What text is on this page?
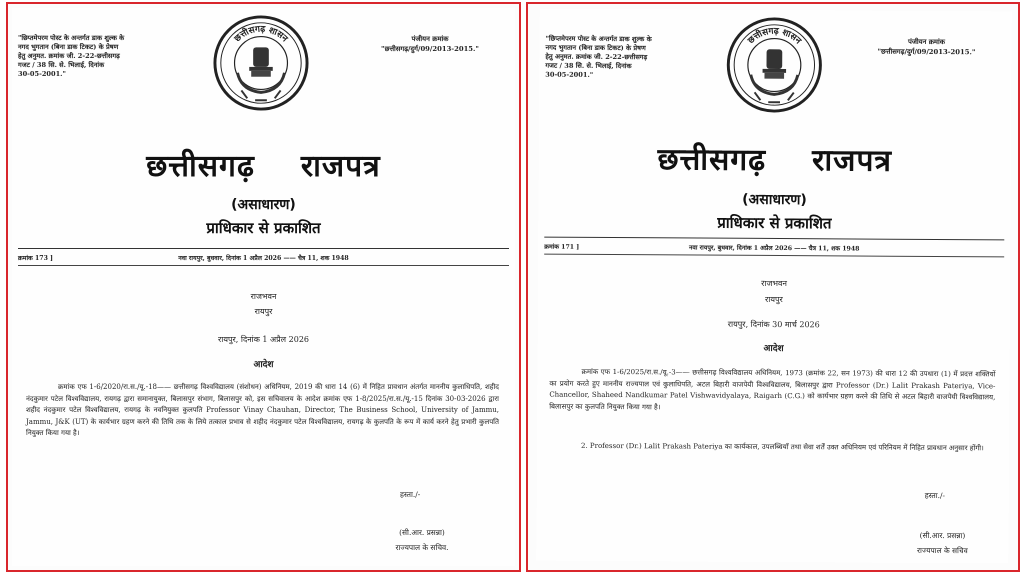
"छिप्तमेपरम पोस्ट के अन्तर्गत डाक शुल्क के
नगद भुगतान (बिना डाक टिकट) के प्रेषण
हेतु अनुमत. क्रमांक जी. 2-22-छत्तीसगढ़
गजट / 38 सि. से. भिलाई, दिनांक
30-05-2001."
पंजीयन क्रमांक
"छत्तीसगढ़/दुर्ग/09/2013-2015."
छत्तीसगढ़ शासन
छत्तीसगढ़ राजपत्र
(असाधारण)
प्राधिकार से प्रकाशित
क्रमांक 173 ]	नवा रायपुर, बुधवार, दिनांक 1 अप्रैल 2026 —— चैत्र 11, शक 1948
राजभवन
रायपुर
रायपुर, दिनांक 1 अप्रैल 2026
आदेश
क्रमांक एफ 1-6/2020/रा.स./यू.-18—— छत्तीसगढ़ विश्वविद्यालय (संशोधन) अधिनियम, 2019 की धारा 14 (6) में निहित प्रावधान अंतर्गत माननीय कुलाधिपति, शहीद नंदकुमार पटेल विश्वविद्यालय, रायगढ़ द्वारा समानायुक्त, बिलासपुर संभाग, बिलासपुर को, इस सचिवालय के आदेश क्रमांक एफ 1-8/2025/रा.स./यू.-15 दिनांक 30-03-2026 द्वारा शहीद नंदकुमार पटेल विश्वविद्यालय, रायगढ़ के नवनियुक्त कुलपति Professor Vinay Chauhan, Director, The Business School, University of Jammu, Jammu, J&K (UT) के कार्यभार ग्रहण करने की तिथि तक के लिये तत्काल प्रभाव से शहीद नंदकुमार पटेल विश्वविद्यालय, रायगढ़ के कुलपति के रूप में कार्य करने हेतु प्रभारी कुलपति नियुक्त किया गया है।
हस्ता./-
(सी.आर. प्रसन्ना)
राज्यपाल के सचिव.
"छिप्तमेपरम पोस्ट के अन्तर्गत डाक शुल्क के
नगद भुगतान (बिना डाक टिकट) के प्रेषण
हेतु अनुमत. क्रमांक जी. 2-22-छत्तीसगढ़
गजट / 38 सि. से. भिलाई, दिनांक
30-05-2001."
पंजीयन क्रमांक
"छत्तीसगढ़/दुर्ग/09/2013-2015."
छत्तीसगढ़ शासन
छत्तीसगढ़ राजपत्र
(असाधारण)
प्राधिकार से प्रकाशित
क्रमांक 171 ]	नवा रायपुर, बुधवार, दिनांक 1 अप्रैल 2026 —— चैत्र 11, शक 1948
राजभवन
रायपुर
रायपुर, दिनांक 30 मार्च 2026
आदेश
क्रमांक एफ 1-6/2025/रा.स./यू.-3—— छत्तीसगढ़ विश्वविद्यालय अधिनियम, 1973 (क्रमांक 22, सन 1973) की धारा 12 की उपधारा (1) में प्रदत्त शक्तियों का प्रयोग करते हुए माननीय राज्यपाल एवं कुलाधिपति, अटल बिहारी वाजपेयी विश्वविद्यालय, बिलासपुर द्वारा Professor (Dr.) Lalit Prakash Pateriya, Vice-Chancellor, Shaheed Nandkumar Patel Vishwavidyalaya, Raigarh (C.G.) को कार्यभार ग्रहण करने की तिथि से अटल बिहारी वाजपेयी विश्वविद्यालय, बिलासपुर का कुलपति नियुक्त किया गया है।
2. Professor (Dr.) Lalit Prakash Pateriya का कार्यकाल, उपलब्धियाँ तथा सेवा शर्तें उक्त अधिनियम एवं परिनियम में निहित प्रावधान अनुसार होंगी।
हस्ता./-
(सी.आर. प्रसन्ना)
राज्यपाल के सचिव
